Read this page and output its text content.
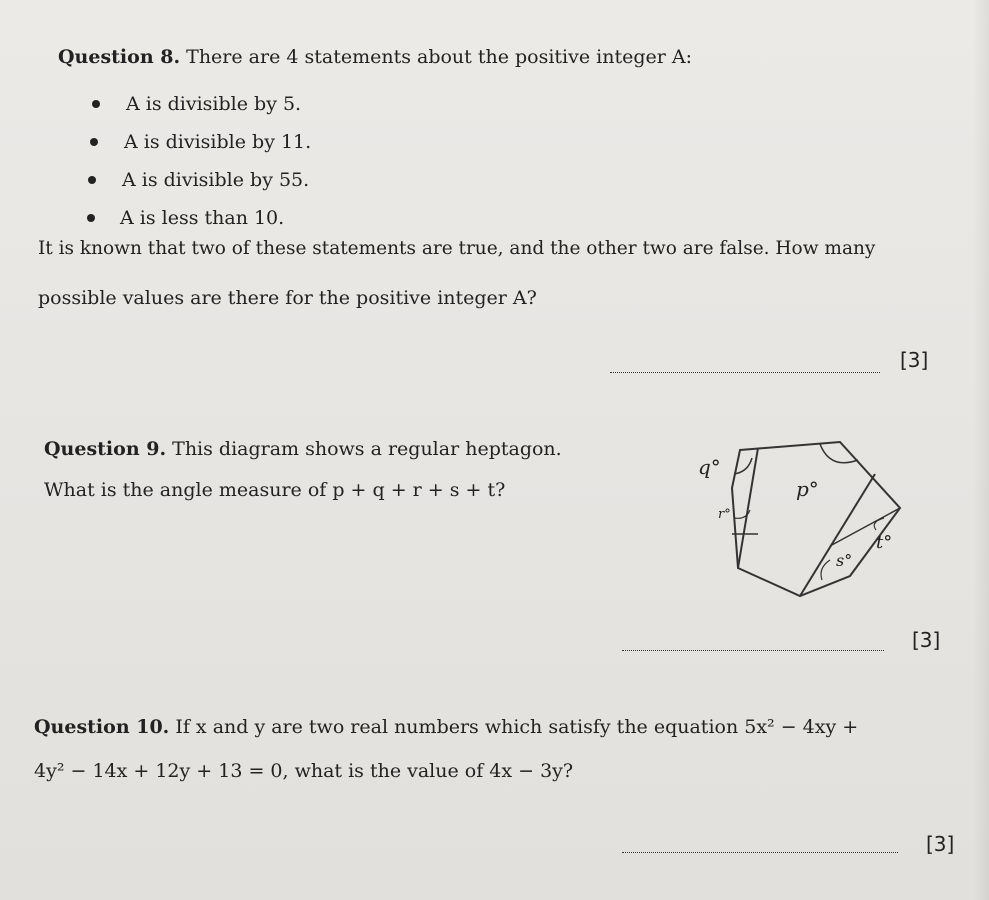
Question 8. There are 4 statements about the positive integer A:
A is divisible by 5.
A is divisible by 11.
A is divisible by 55.
A is less than 10.
It is known that two of these statements are true, and the other two are false. How many
possible values are there for the positive integer A?
[3]
Question 9. This diagram shows a regular heptagon.
What is the angle measure of p + q + r + s + t?
q°
p°
r°
t°
s°
[3]
Question 10. If x and y are two real numbers which satisfy the equation 5x² − 4xy +
4y² − 14x + 12y + 13 = 0, what is the value of 4x − 3y?
[3]
